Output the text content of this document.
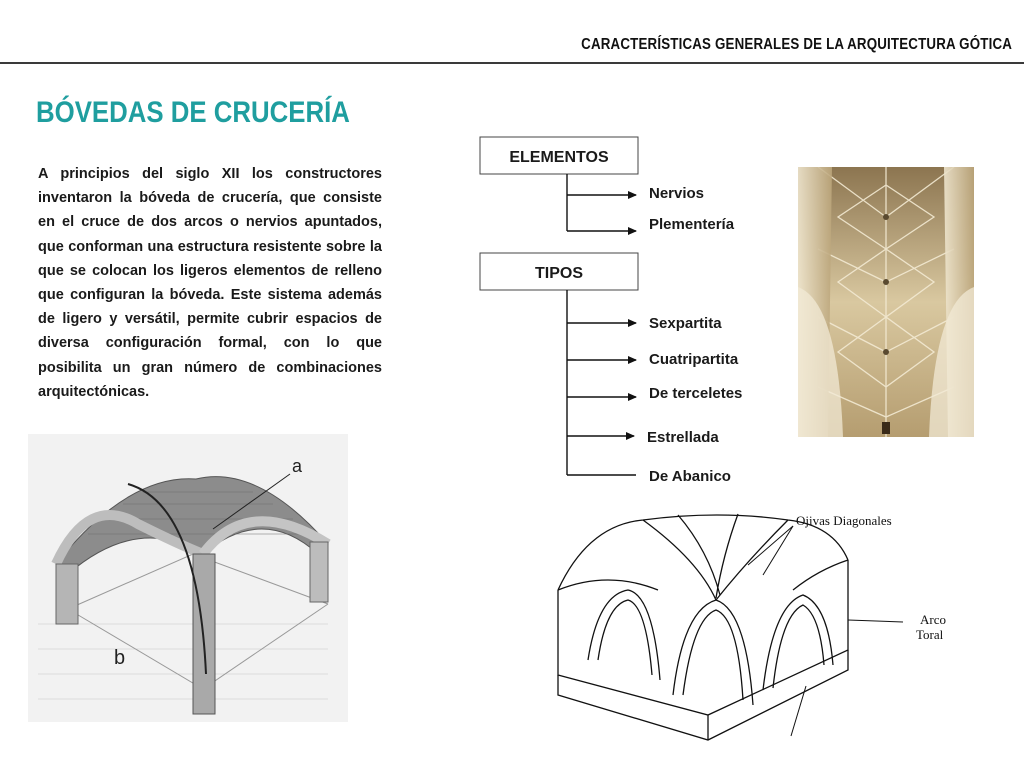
CARACTERÍSTICAS GENERALES DE LA ARQUITECTURA GÓTICA
BÓVEDAS DE CRUCERÍA

A principios del siglo XII los constructores inventaron la bóveda de crucería, que consiste en el cruce de dos arcos o nervios apuntados, que conforman una estructura resistente sobre la que se colocan los ligeros elementos de relleno que configuran la bóveda. Este sistema además de ligero y versátil, permite cubrir espacios de diversa configuración formal, con lo que posibilita un gran número de combinaciones arquitectónicas.

ELEMENTOS
Nervios
Plementería
TIPOS
Sexpartita
Cuatripartita
De terceletes
Estrellada
De Abanico
a
b
Ojivas Diagonales
Arco
Toral
